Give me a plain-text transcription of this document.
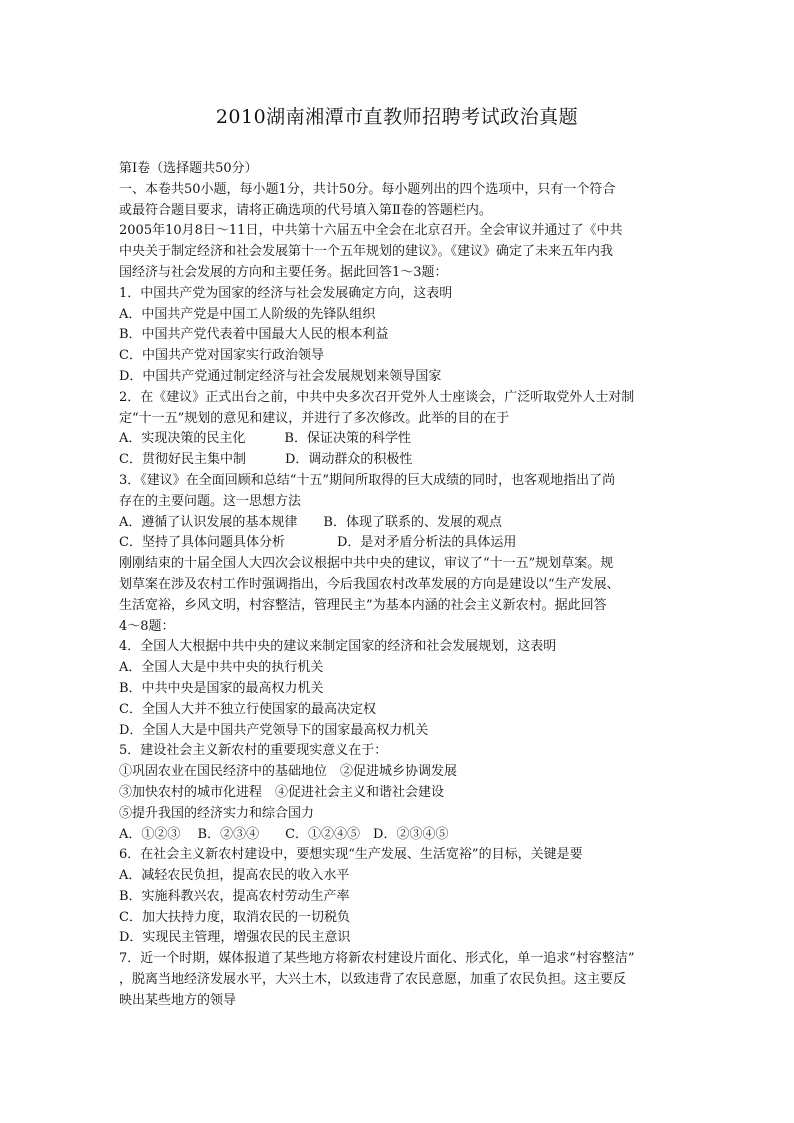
2010湖南湘潭市直教师招聘考试政治真题
第Ⅰ卷（选择题共50分）
一、本卷共50小题，每小题1分，共计50分。每小题列出的四个选项中，只有一个符合
或最符合题目要求，请将正确选项的代号填入第Ⅱ卷的答题栏内。
2005年10月8日～11日，中共第十六届五中全会在北京召开。全会审议并通过了《中共
中央关于制定经济和社会发展第十一个五年规划的建议》。《建议》确定了未来五年内我
国经济与社会发展的方向和主要任务。据此回答1～3题：
1．中国共产党为国家的经济与社会发展确定方向，这表明
A．中国共产党是中国工人阶级的先锋队组织
B．中国共产党代表着中国最大人民的根本利益
C．中国共产党对国家实行政治领导
D．中国共产党通过制定经济与社会发展规划来领导国家
2．在《建议》正式出台之前，中共中央多次召开党外人士座谈会，广泛听取党外人士对制
定“十一五”规划的意见和建议，并进行了多次修改。此举的目的在于
A．实现决策的民主化　　　B．保证决策的科学性
C．贯彻好民主集中制　　　D．调动群众的积极性
3．《建议》在全面回顾和总结“十五”期间所取得的巨大成绩的同时，也客观地指出了尚
存在的主要问题。这一思想方法
A．遵循了认识发展的基本规律　　B．体现了联系的、发展的观点
C．坚持了具体问题具体分析　　　　D．是对矛盾分析法的具体运用
刚刚结束的十届全国人大四次会议根据中共中央的建议，审议了“十一五”规划草案。规
划草案在涉及农村工作时强调指出，今后我国农村改革发展的方向是建设以“生产发展、
生活宽裕，乡风文明，村容整洁，管理民主”为基本内涵的社会主义新农村。据此回答
4～8题：
4．全国人大根据中共中央的建议来制定国家的经济和社会发展规划，这表明
A．全国人大是中共中央的执行机关
B．中共中央是国家的最高权力机关
C．全国人大并不独立行使国家的最高决定权
D．全国人大是中国共产党领导下的国家最高权力机关
5．建设社会主义新农村的重要现实意义在于：
①巩固农业在国民经济中的基础地位　②促进城乡协调发展
③加快农村的城市化进程　④促进社会主义和谐社会建设
⑤提升我国的经济实力和综合国力
A．①②③　 B．②③④　　C．①②④⑤　D．②③④⑤
6．在社会主义新农村建设中，要想实现“生产发展、生活宽裕”的目标，关键是要
A．减轻农民负担，提高农民的收入水平
B．实施科教兴农，提高农村劳动生产率
C．加大扶持力度，取消农民的一切税负
D．实现民主管理，增强农民的民主意识
7．近一个时期，媒体报道了某些地方将新农村建设片面化、形式化，单一追求“村容整洁”
，脱离当地经济发展水平，大兴土木，以致违背了农民意愿，加重了农民负担。这主要反
映出某些地方的领导
